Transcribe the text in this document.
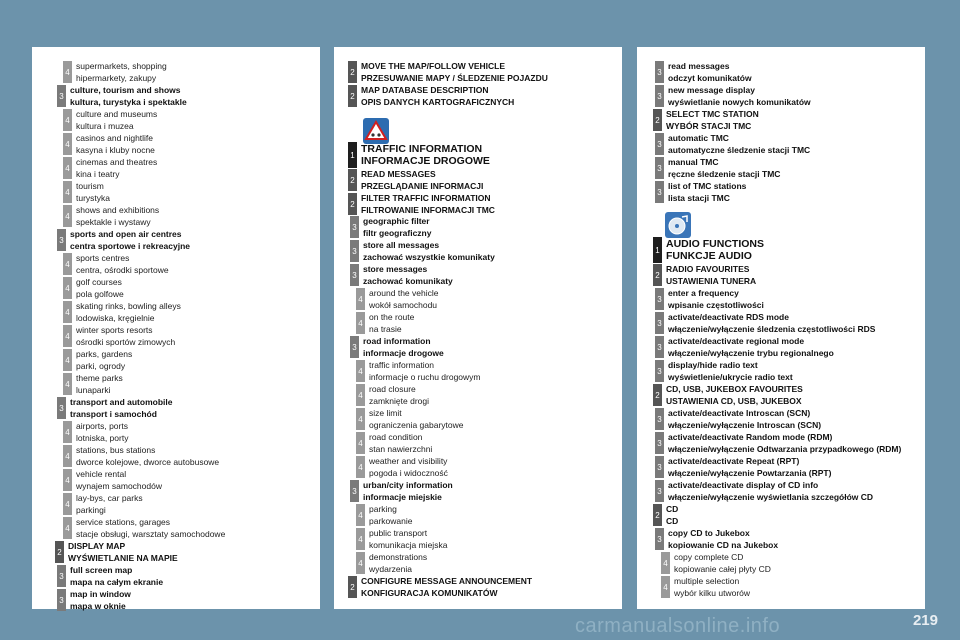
4
supermarkets, shopping
hipermarkety, zakupy
3
culture, tourism and shows
kultura, turystyka i spektakle
4
culture and museums
kultura i muzea
4
casinos and nightlife
kasyna i kluby nocne
4
cinemas and theatres
kina i teatry
4
tourism
turystyka
4
shows and exhibitions
spektakle i wystawy
3
sports and open air centres
centra sportowe i rekreacyjne
4
sports centres
centra, ośrodki sportowe
4
golf courses
pola golfowe
4
skating rinks, bowling alleys
lodowiska, kręgielnie
4
winter sports resorts
ośrodki sportów zimowych
4
parks, gardens
parki, ogrody
4
theme parks
lunaparki
3
transport and automobile
transport i samochód
4
airports, ports
lotniska, porty
4
stations, bus stations
dworce kolejowe, dworce autobusowe
4
vehicle rental
wynajem samochodów
4
lay-bys, car parks
parkingi
4
service stations, garages
stacje obsługi, warsztaty samochodowe
2
DISPLAY MAP
WYŚWIETLANIE NA MAPIE
3
full screen map
mapa na całym ekranie
3
map in window
mapa w oknie
2
MOVE THE MAP/FOLLOW VEHICLE
PRZESUWANIE MAPY / ŚLEDZENIE POJAZDU
2
MAP DATABASE DESCRIPTION
OPIS DANYCH KARTOGRAFICZNYCH
1 TRAFFIC INFORMATION
INFORMACJE DROGOWE
2
READ MESSAGES
PRZEGLĄDANIE INFORMACJI
2
FILTER TRAFFIC INFORMATION
FILTROWANIE INFORMACJI TMC
3
geographic filter
filtr geograficzny
3
store all messages
zachować wszystkie komunikaty
3
store messages
zachować komunikaty
4
around the vehicle
wokół samochodu
4
on the route
na trasie
3
road information
informacje drogowe
4
traffic information
informacje o ruchu drogowym
4
road closure
zamknięte drogi
4
size limit
ograniczenia gabarytowe
4
road condition
stan nawierzchni
4
weather and visibility
pogoda i widoczność
3
urban/city information
informacje miejskie
4
parking
parkowanie
4
public transport
komunikacja miejska
4
demonstrations
wydarzenia
2
CONFIGURE MESSAGE ANNOUNCEMENT
KONFIGURACJA KOMUNIKATÓW
3
read messages
odczyt komunikatów
3
new message display
wyświetlanie nowych komunikatów
2
SELECT TMC STATION
WYBÓR STACJI TMC
3
automatic TMC
automatyczne śledzenie stacji TMC
3
manual TMC
ręczne śledzenie stacji TMC
3
list of TMC stations
lista stacji TMC
1 AUDIO FUNCTIONS
FUNKCJE AUDIO
2
RADIO FAVOURITES
USTAWIENIA TUNERA
3
enter a frequency
wpisanie częstotliwości
3
activate/deactivate RDS mode
włączenie/wyłączenie śledzenia częstotliwości RDS
3
activate/deactivate regional mode
włączenie/wyłączenie trybu regionalnego
3
display/hide radio text
wyświetlenie/ukrycie radio text
2
CD, USB, JUKEBOX FAVOURITES
USTAWIENIA CD, USB, JUKEBOX
3
activate/deactivate Introscan (SCN)
włączenie/wyłączenie Introscan (SCN)
3
activate/deactivate Random mode (RDM)
włączenie/wyłączenie Odtwarzania przypadkowego (RDM)
3
activate/deactivate Repeat (RPT)
włączenie/wyłączenie Powtarzania (RPT)
3
activate/deactivate display of CD info
włączenie/wyłączenie wyświetlania szczegółów CD
2
CD
CD
3
copy CD to Jukebox
kopiowanie CD na Jukebox
4
copy complete CD
kopiowanie całej płyty CD
4
multiple selection
wybór kilku utworów
carmanualsonline.info	219
